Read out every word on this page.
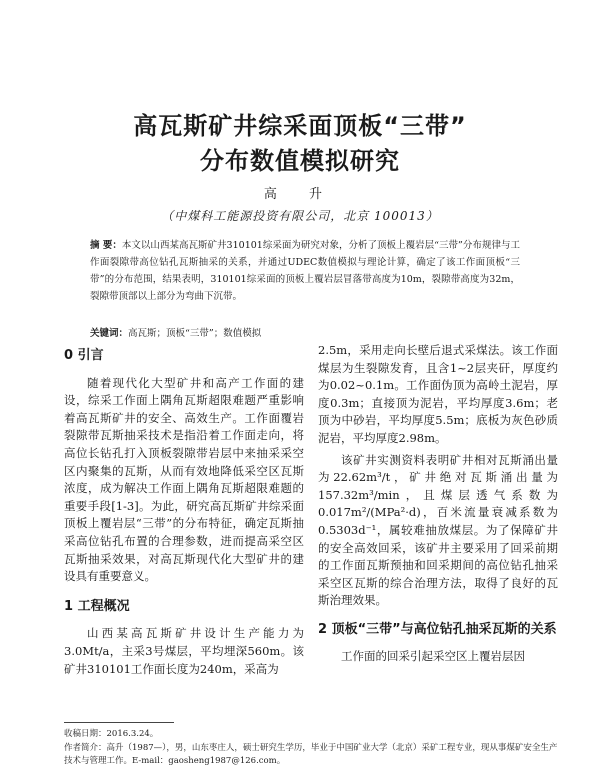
高瓦斯矿井综采面顶板“三带”
分布数值模拟研究
高 升
（中煤科工能源投资有限公司，北京 100013）
摘 要：本文以山西某高瓦斯矿井310101综采面为研究对象，分析了顶板上覆岩层“三带”分布规律与工作面裂隙带高位钻孔瓦斯抽采的关系，并通过UDEC数值模拟与理论计算，确定了该工作面顶板“三带”的分布范围，结果表明，310101综采面的顶板上覆岩层冒落带高度为10m，裂隙带高度为32m，裂隙带顶部以上部分为弯曲下沉带。
关键词：高瓦斯；顶板“三带”；数值模拟
0 引言

随着现代化大型矿井和高产工作面的建设，综采工作面上隅角瓦斯超限难题严重影响着高瓦斯矿井的安全、高效生产。工作面覆岩裂隙带瓦斯抽采技术是指沿着工作面走向，将高位长钻孔打入顶板裂隙带岩层中来抽采采空区内聚集的瓦斯，从而有效地降低采空区瓦斯浓度，成为解决工作面上隅角瓦斯超限难题的重要手段[1-3]。为此，研究高瓦斯矿井综采面顶板上覆岩层“三带”的分布特征，确定瓦斯抽采高位钻孔布置的合理参数，进而提高采空区瓦斯抽采效果，对高瓦斯现代化大型矿井的建设具有重要意义。

1 工程概况

山西某高瓦斯矿井设计生产能力为3.0Mt/a，主采3号煤层，平均埋深560m。该矿井310101工作面长度为240m，采高为

2.5m，采用走向长壁后退式采煤法。该工作面煤层为生裂隙发育，且含1~2层夹矸，厚度约为0.02~0.1m。工作面伪顶为高岭土泥岩，厚度0.3m；直接顶为泥岩，平均厚度3.6m；老顶为中砂岩，平均厚度5.5m；底板为灰色砂质泥岩，平均厚度2.98m。

该矿井实测资料表明矿井相对瓦斯涌出量为22.62m³/t，矿井绝对瓦斯涌出量为157.32m³/min，且煤层透气系数为0.017m²/(MPa²·d)，百米流量衰减系数为0.5303d⁻¹，属较难抽放煤层。为了保障矿井的安全高效回采，该矿井主要采用了回采前期的工作面瓦斯预抽和回采期间的高位钻孔抽采采空区瓦斯的综合治理方法，取得了良好的瓦斯治理效果。

2 顶板“三带”与高位钻孔抽采瓦斯的关系

工作面的回采引起采空区上覆岩层因

收稿日期：2016.3.24。
作者简介：高升（1987—），男，山东枣庄人，硕士研究生学历，毕业于中国矿业大学（北京）采矿工程专业，现从事煤矿安全生产技术与管理工作。E-mail：gaosheng1987@126.com。
